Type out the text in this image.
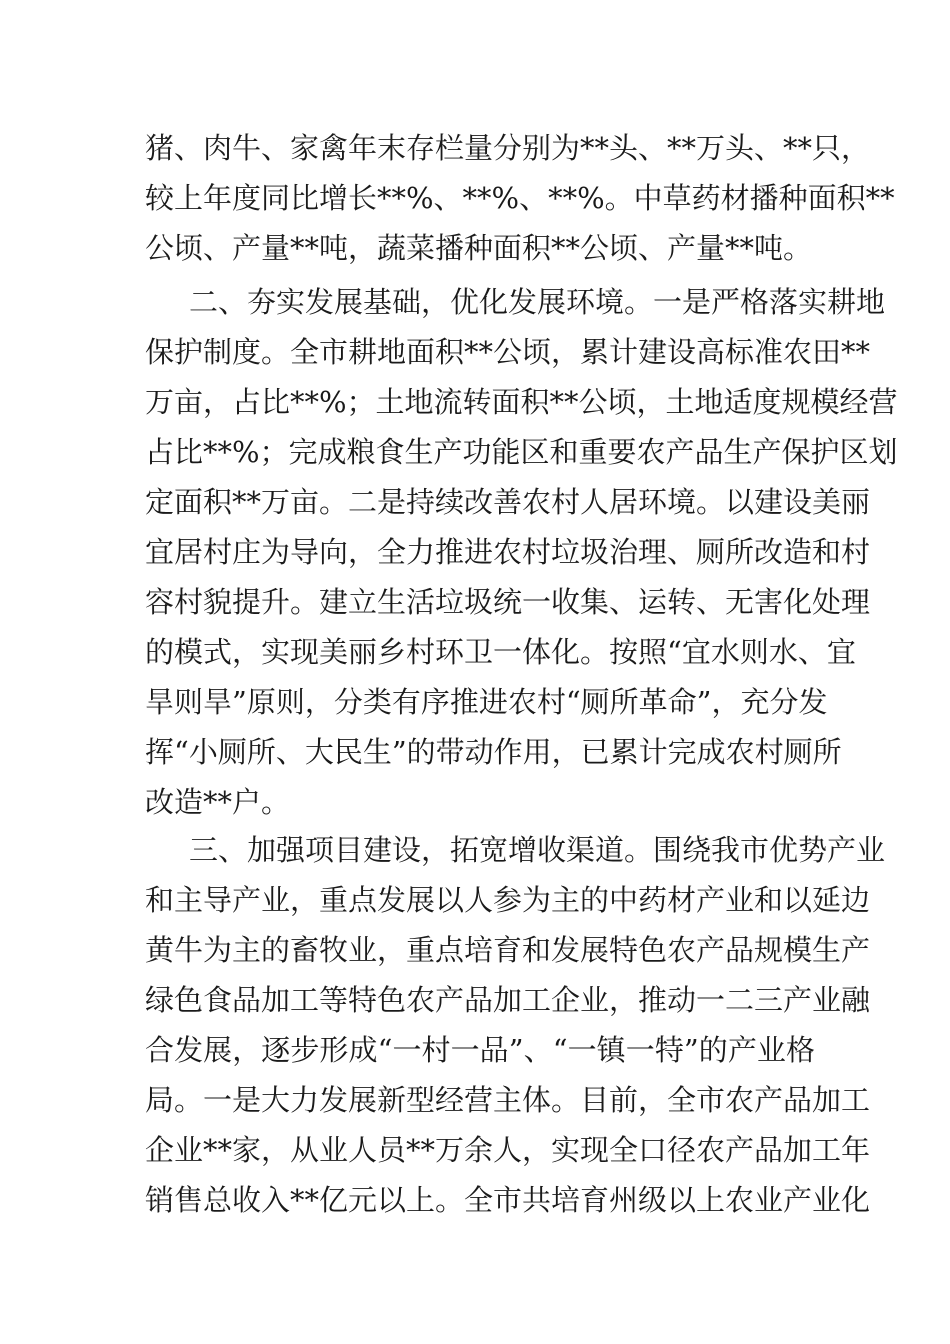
猪、肉牛、家禽年末存栏量分别为**头、**万头、**只，
较上年度同比增长**%、**%、**%。中草药材播种面积**
公顷、产量**吨，蔬菜播种面积**公顷、产量**吨。
二、夯实发展基础，优化发展环境。一是严格落实耕地
保护制度。全市耕地面积**公顷，累计建设高标准农田**
万亩，占比**%；土地流转面积**公顷，土地适度规模经营
占比**%；完成粮食生产功能区和重要农产品生产保护区划
定面积**万亩。二是持续改善农村人居环境。以建设美丽
宜居村庄为导向，全力推进农村垃圾治理、厕所改造和村
容村貌提升。建立生活垃圾统一收集、运转、无害化处理
的模式，实现美丽乡村环卫一体化。按照“宜水则水、宜
旱则旱”原则，分类有序推进农村“厕所革命”，充分发
挥“小厕所、大民生”的带动作用，已累计完成农村厕所
改造**户。
三、加强项目建设，拓宽增收渠道。围绕我市优势产业
和主导产业，重点发展以人参为主的中药材产业和以延边
黄牛为主的畜牧业，重点培育和发展特色农产品规模生产
绿色食品加工等特色农产品加工企业，推动一二三产业融
合发展，逐步形成“一村一品”、“一镇一特”的产业格
局。一是大力发展新型经营主体。目前，全市农产品加工
企业**家，从业人员**万余人，实现全口径农产品加工年
销售总收入**亿元以上。全市共培育州级以上农业产业化
